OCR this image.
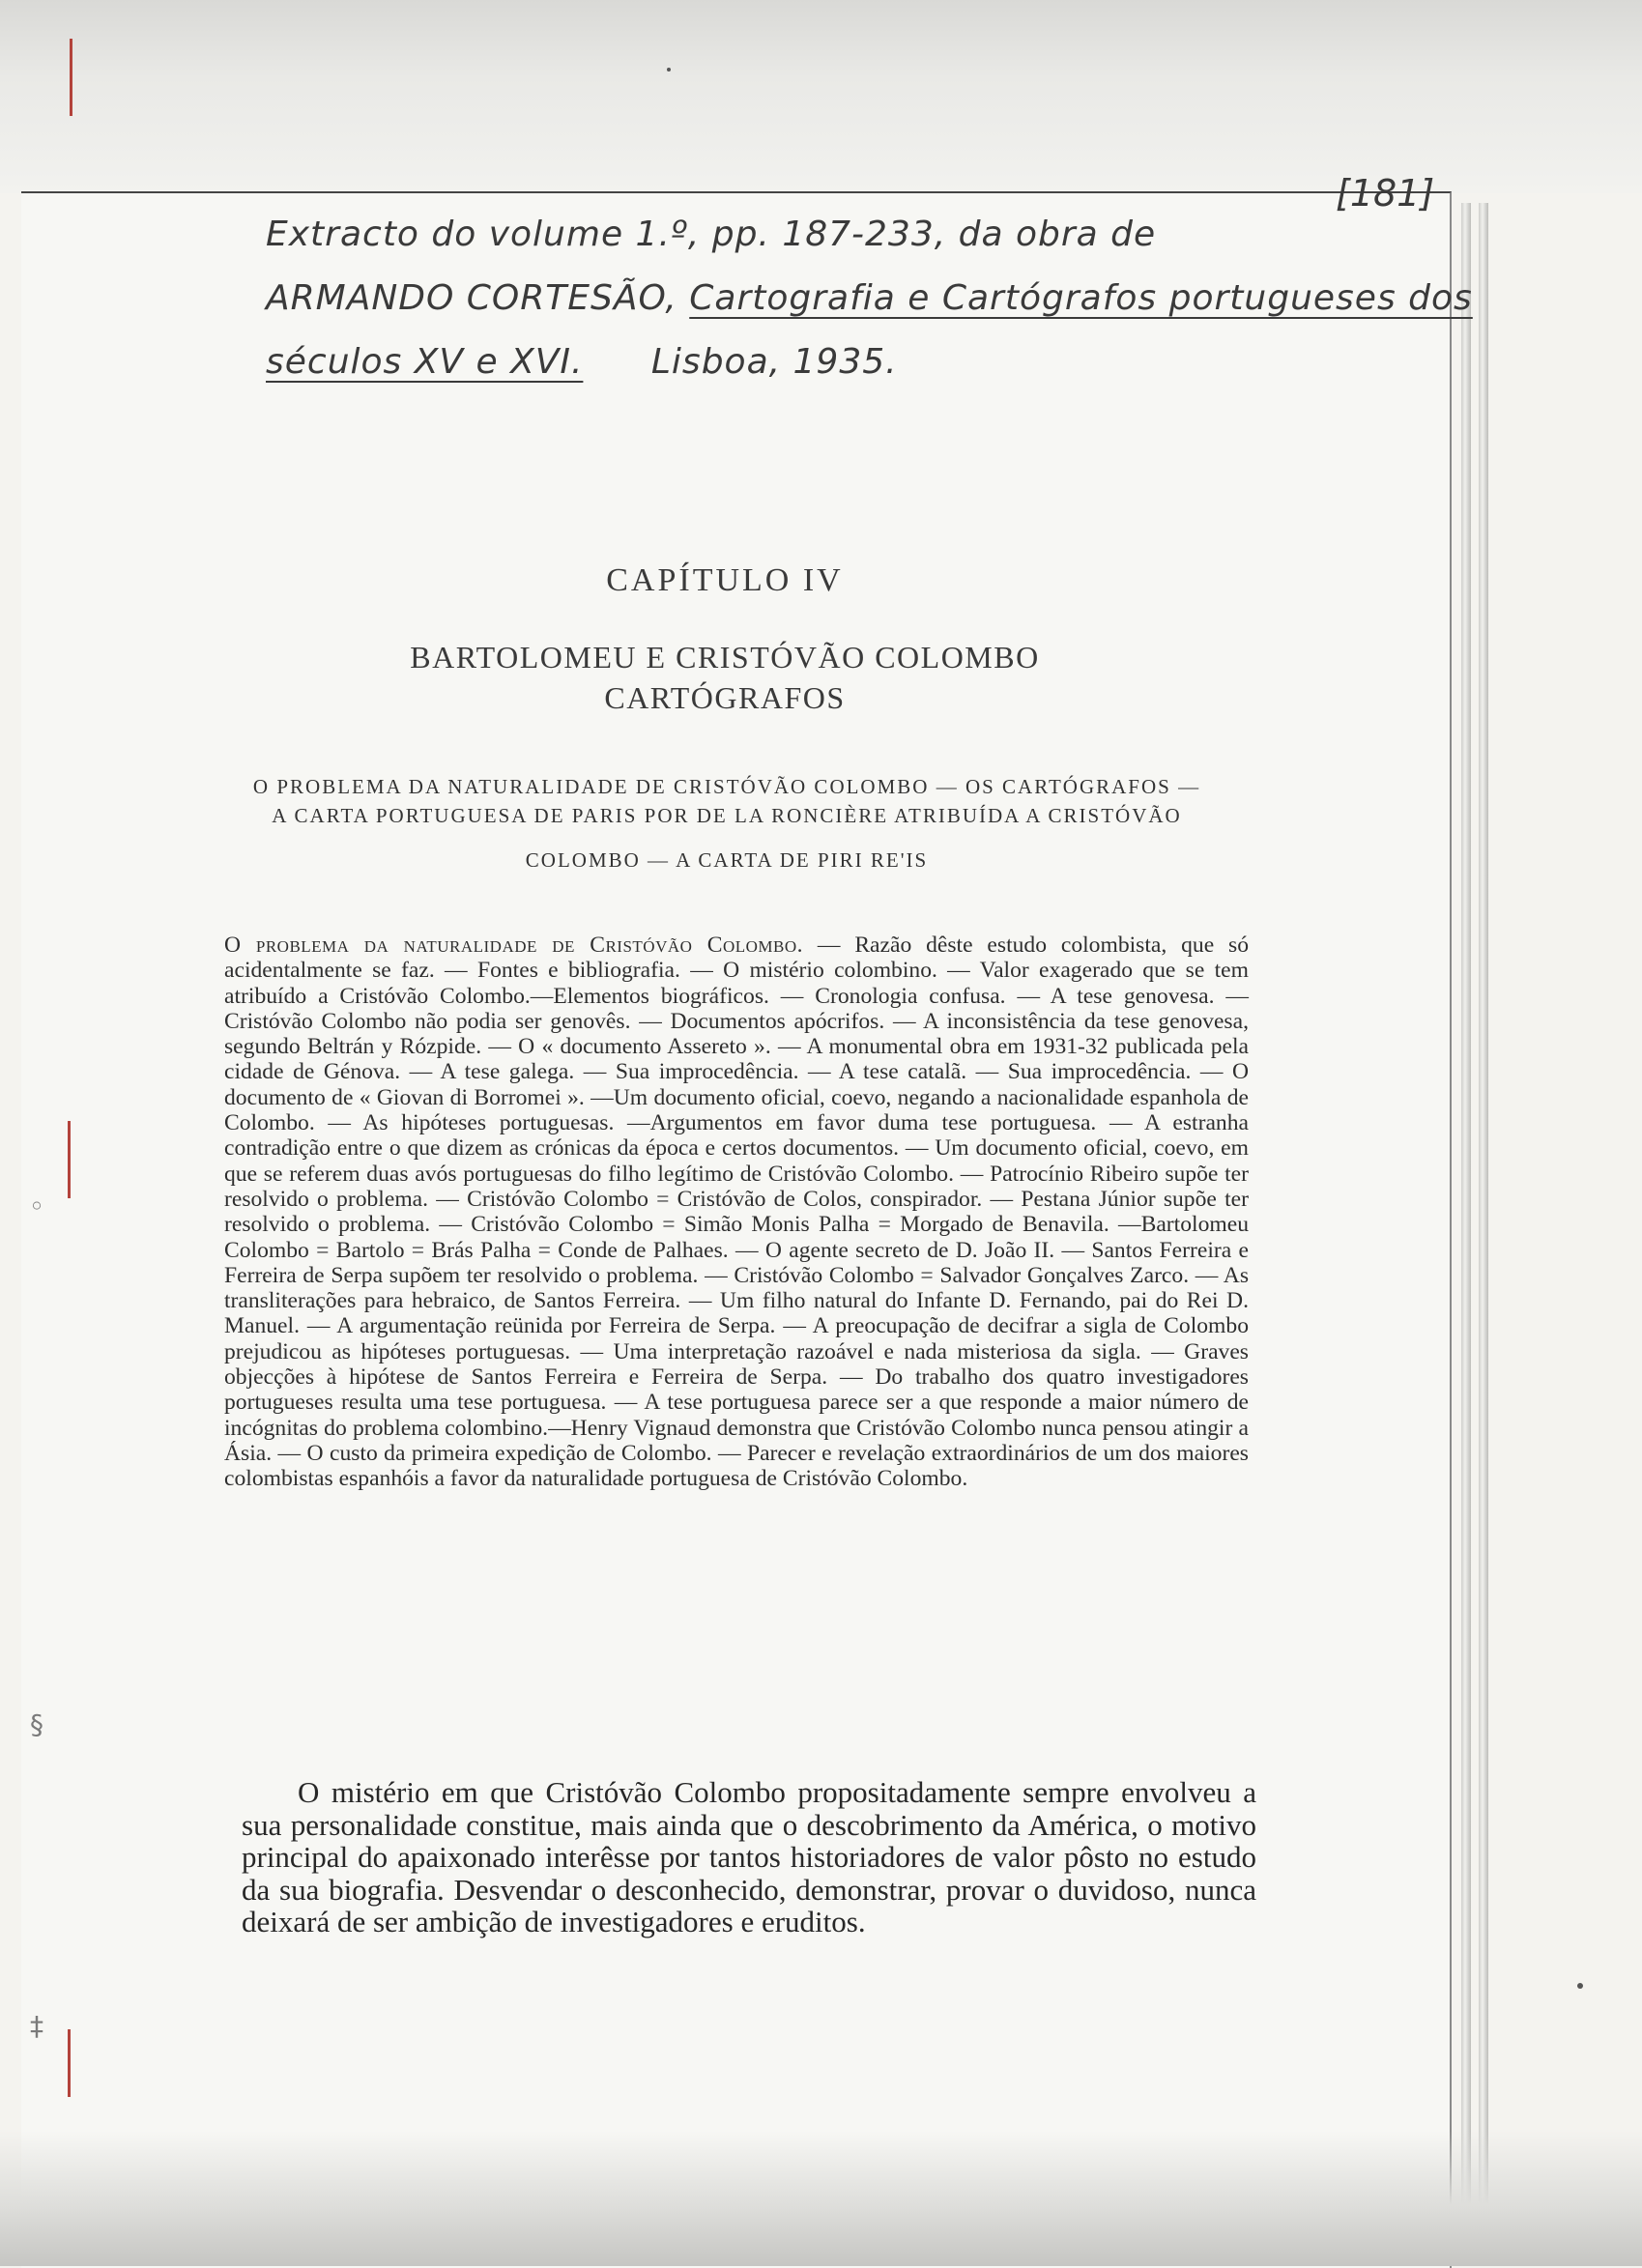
◦
§
‡
[181]
Extracto do volume 1.º, pp. 187-233, da obra de
ARMANDO CORTESÃO, Cartografia e Cartógrafos portugueses dos
séculos XV e XVI. Lisboa, 1935.
CAPÍTULO IV
BARTOLOMEU E CRISTÓVÃO COLOMBO
CARTÓGRAFOS

O PROBLEMA DA NATURALIDADE DE CRISTÓVÃO COLOMBO — OS CARTÓGRAFOS —

A CARTA PORTUGUESA DE PARIS POR DE LA RONCIÈRE ATRIBUÍDA A CRISTÓVÃO

COLOMBO — A CARTA DE PIRI RE'IS

O problema da naturalidade de Cristóvão Colombo. — Razão dêste estudo colombista, que só acidentalmente se faz. — Fontes e bibliografia. — O mistério colombino. — Valor exagerado que se tem atribuído a Cristóvão Colombo.—Elementos biográficos. — Cronologia confusa. — A tese genovesa. — Cristóvão Colombo não podia ser genovês. — Documentos apócrifos. — A inconsistência da tese genovesa, segundo Beltrán y Rózpide. — O « documento Assereto ». — A monumental obra em 1931-32 publicada pela cidade de Génova. — A tese galega. — Sua improcedência. — A tese catalã. — Sua improcedência. — O documento de « Giovan di Borromei ». —Um documento oficial, coevo, negando a nacionalidade espanhola de Colombo. — As hipóteses portuguesas. —Argumentos em favor duma tese portuguesa. — A estranha contradição entre o que dizem as crónicas da época e certos documentos. — Um documento oficial, coevo, em que se referem duas avós portuguesas do filho legítimo de Cristóvão Colombo. — Patrocínio Ribeiro supõe ter resolvido o problema. — Cristóvão Colombo = Cristóvão de Colos, conspirador. — Pestana Júnior supõe ter resolvido o problema. — Cristóvão Colombo = Simão Monis Palha = Morgado de Benavila. —Bartolomeu Colombo = Bartolo = Brás Palha = Conde de Palhaes. — O agente secreto de D. João II. — Santos Ferreira e Ferreira de Serpa supõem ter resolvido o problema. — Cristóvão Colombo = Salvador Gonçalves Zarco. — As transliterações para hebraico, de Santos Ferreira. — Um filho natural do Infante D. Fernando, pai do Rei D. Manuel. — A argumentação reünida por Ferreira de Serpa. — A preocupação de decifrar a sigla de Colombo prejudicou as hipóteses portuguesas. — Uma interpretação razoável e nada misteriosa da sigla. — Graves objecções à hipótese de Santos Ferreira e Ferreira de Serpa. — Do trabalho dos quatro investigadores portugueses resulta uma tese portuguesa. — A tese portuguesa parece ser a que responde a maior número de incógnitas do problema colombino.—Henry Vignaud demonstra que Cristóvão Colombo nunca pensou atingir a Ásia. — O custo da primeira expedição de Colombo. — Parecer e revelação extraordinários de um dos maiores colombistas espanhóis a favor da naturalidade portuguesa de Cristóvão Colombo.

O mistério em que Cristóvão Colombo propositadamente sempre envolveu a sua personalidade constitue, mais ainda que o descobrimento da América, o motivo principal do apaixonado interêsse por tantos historiadores de valor pôsto no estudo da sua biografia. Desvendar o desconhecido, demonstrar, provar o duvidoso, nunca deixará de ser ambição de investigadores e eruditos.
